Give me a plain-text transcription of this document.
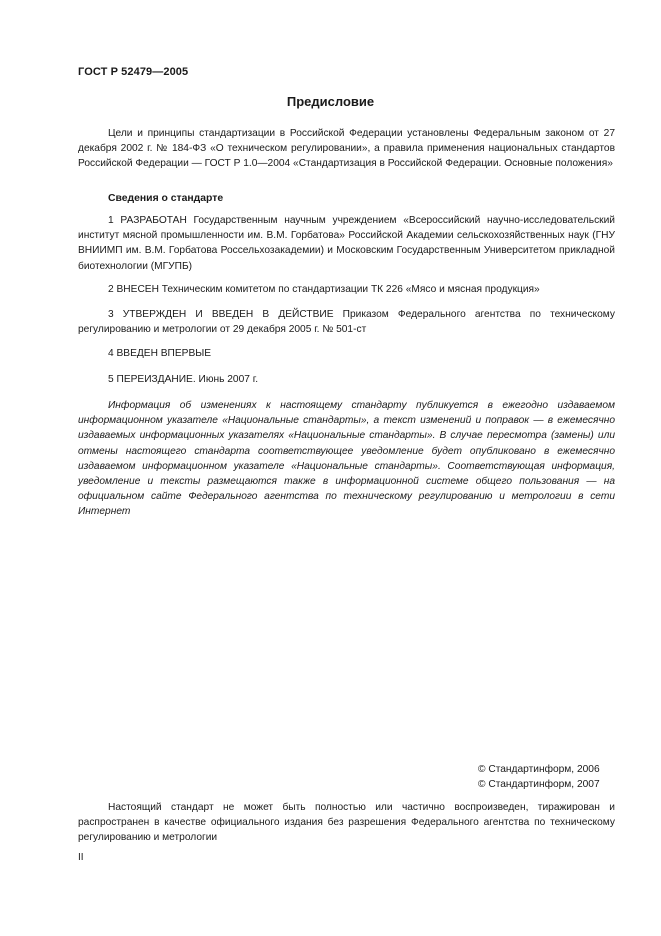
ГОСТ Р 52479—2005
Предисловие

Цели и принципы стандартизации в Российской Федерации установлены Федеральным законом от 27 декабря 2002 г. № 184-ФЗ «О техническом регулировании», а правила применения национальных стандартов Российской Федерации — ГОСТ Р 1.0—2004 «Стандартизация в Российской Федерации. Основные положения»

Сведения о стандарте

1 РАЗРАБОТАН Государственным научным учреждением «Всероссийский научно-исследовательский институт мясной промышленности им. В.М. Горбатова» Российской Академии сельскохозяйственных наук (ГНУ ВНИИМП им. В.М. Горбатова Россельхозакадемии) и Московским Государственным Университетом прикладной биотехнологии (МГУПБ)

2 ВНЕСЕН Техническим комитетом по стандартизации ТК 226 «Мясо и мясная продукция»

3 УТВЕРЖДЕН И ВВЕДЕН В ДЕЙСТВИЕ Приказом Федерального агентства по техническому регулированию и метрологии от 29 декабря 2005 г. № 501-ст

4 ВВЕДЕН ВПЕРВЫЕ

5 ПЕРЕИЗДАНИЕ. Июнь 2007 г.

Информация об изменениях к настоящему стандарту публикуется в ежегодно издаваемом информационном указателе «Национальные стандарты», а текст изменений и поправок — в ежемесячно издаваемых информационных указателях «Национальные стандарты». В случае пересмотра (замены) или отмены настоящего стандарта соответствующее уведомление будет опубликовано в ежемесячно издаваемом информационном указателе «Национальные стандарты». Соответствующая информация, уведомление и тексты размещаются также в информационной системе общего пользования — на официальном сайте Федерального агентства по техническому регулированию и метрологии в сети Интернет

© Стандартинформ, 2006
© Стандартинформ, 2007

Настоящий стандарт не может быть полностью или частично воспроизведен, тиражирован и распространен в качестве официального издания без разрешения Федерального агентства по техническому регулированию и метрологии

II
